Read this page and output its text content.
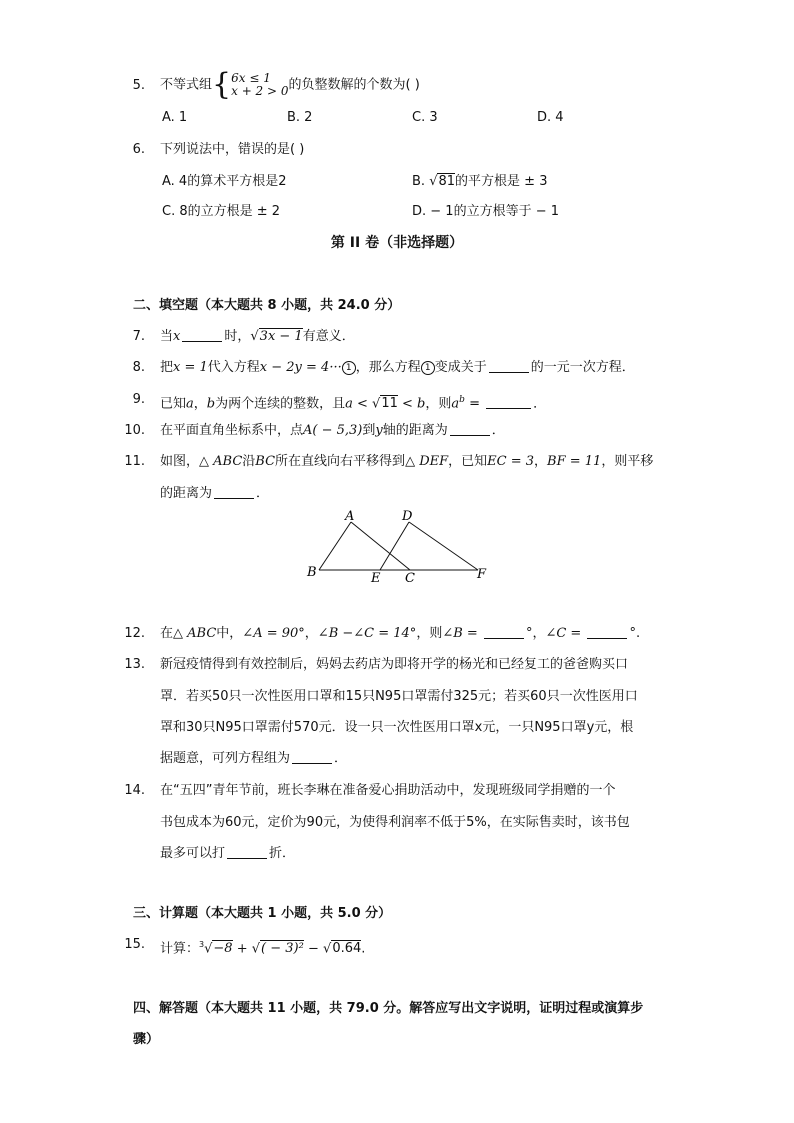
5. 不等式组{6x ≤ 1
x + 2 > 0的负整数解的个数为( )
A. 1	B. 2	C. 3	D. 4
6. 下列说法中，错误的是( )
A. 4的算术平方根是2	B. √81的平方根是 ± 3
C. 8的立方根是 ± 2	D. − 1的立方根等于 − 1
第 II 卷（非选择题）
二、填空题（本大题共 8 小题，共 24.0 分）
7. 当x	时，√3x − 1有意义．
8. 把x = 1代入方程x − 2y = 4··· 1 ，那么方程 1 变成关于	的一元一次方程．
9. 已知a，b为两个连续的整数，且a < √11 < b，则$a^b$ =	．
10. 在平面直角坐标系中，点A( − 5,3)到y轴的距离为	．
11. 如图，△ ABC沿BC所在直线向右平移得到△ DEF，已知EC = 3，BF = 11，则平移
的距离为	．
A	D
B	E C	F
12. 在△ ABC中，∠A = 90°，∠B −∠C = 14°，则∠B =	°，∠C =	°.
13. 新冠疫情得到有效控制后，妈妈去药店为即将开学的杨光和已经复工的爸爸购买口
罩．若买50只一次性医用口罩和15只N95口罩需付325元；若买60只一次性医用口
罩和30只N95口罩需付570元．设一只一次性医用口罩x元，一只N95口罩y元，根
据题意，可列方程组为	．
14. 在“五四”青年节前，班长李琳在准备爱心捐助活动中，发现班级同学捐赠的一个
书包成本为60元，定价为90元，为使得利润率不低于5%，在实际售卖时，该书包
最多可以打	折．
三、计算题（本大题共 1 小题，共 5.0 分）
15. 计算：$^3$√−8 + √( − 3)² − √0.64.
四、解答题（本大题共 11 小题，共 79.0 分。解答应写出文字说明，证明过程或演算步
骤）
